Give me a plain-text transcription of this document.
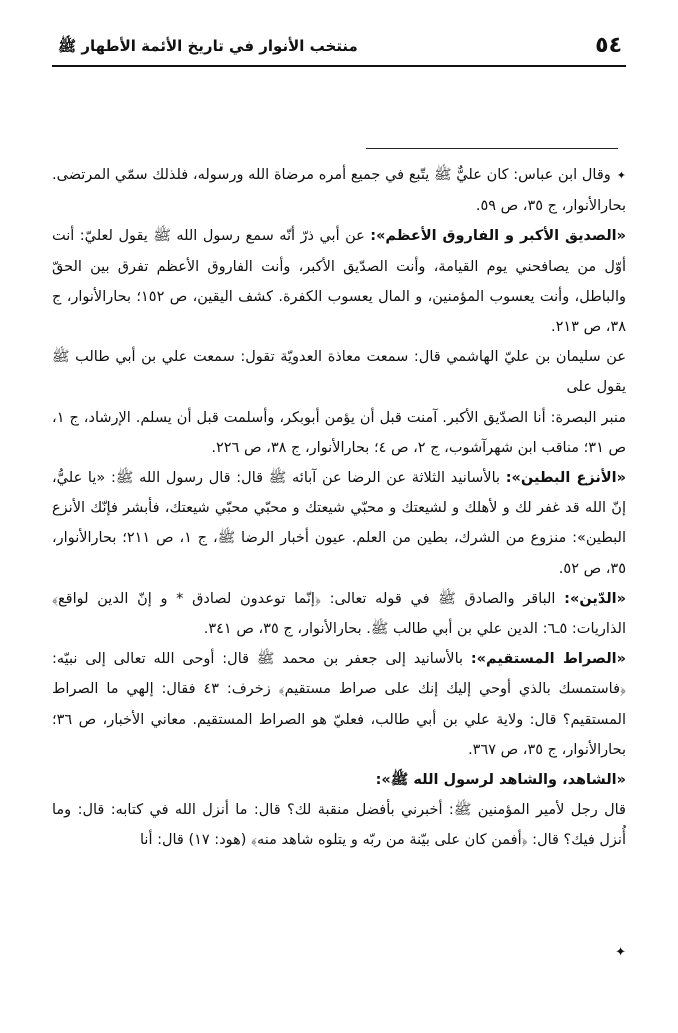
٥٤
منتخب الأنوار في تاريخ الأئمة الأطهار ﷺ

✦وقال ابن عباس: كان عليٌّ ﷺ يتّبع في جميع أمره مرضاة الله ورسوله، فلذلك سمّي المرتضى. بحارالأنوار، ج ٣٥، ص ٥٩.

«الصديق الأكبر و الفاروق الأعظم»: عن أبي ذرّ أنّه سمع رسول الله ﷺ يقول لعليّ: أنت أوّل من يصافحني يوم القيامة، وأنت الصدّيق الأكبر، وأنت الفاروق الأعظم تفرق بين الحقّ والباطل، وأنت يعسوب المؤمنين، و المال يعسوب الكفرة. كشف اليقين، ص ١٥٢؛ بحارالأنوار، ج ٣٨، ص ٢١٣.

عن سليمان بن عليّ الهاشمي قال: سمعت معاذة العدويّة تقول: سمعت علي بن أبي طالب ﷺ يقول على

منبر البصرة: أنا الصدّيق الأكبر. آمنت قبل أن يؤمن أبوبكر، وأسلمت قبل أن يسلم. الإرشاد، ج ١، ص ٣١؛ مناقب ابن شهرآشوب، ج ٢، ص ٤؛ بحارالأنوار، ج ٣٨، ص ٢٢٦.

«الأنزع البطين»: بالأسانيد الثلاثة عن الرضا عن آبائه ﷺ قال: قال رسول الله ﷺ: «يا عليُّ، إنّ الله قد غفر لك و لأهلك و لشيعتك و محبّي شيعتك و محبّي محبّي شيعتك، فأبشر فإنّك الأنزع البطين»: منزوع من الشرك، بطين من العلم. عيون أخبار الرضا ﷺ، ج ١، ص ٢١١؛ بحارالأنوار، ٣٥، ص ٥٢.

«الدّين»: الباقر والصادق ﷺ في قوله تعالى: ﴿إنّما توعدون لصادق * و إنّ الدين لواقع﴾ الذاريات: ٥ـ٦: الدين علي بن أبي طالب ﷺ. بحارالأنوار، ج ٣٥، ص ٣٤١.

«الصراط المستقيم»: بالأسانيد إلى جعفر بن محمد ﷺ قال: أوحى الله تعالى إلى نبيّه: ﴿فاستمسك بالذي أوحي إليك إنك على صراط مستقيم﴾ زخرف: ٤٣ فقال: إلهي ما الصراط المستقيم؟ قال: ولاية علي بن أبي طالب، فعليّ هو الصراط المستقيم. معاني الأخبار، ص ٣٦؛ بحارالأنوار، ج ٣٥، ص ٣٦٧.

«الشاهد، والشاهد لرسول الله ﷺ»:

قال رجل لأمير المؤمنين ﷺ: أخبرني بأفضل منقبة لك؟ قال: ما أنزل الله في كتابه: قال: وما أُنزل فيك؟ قال: ﴿أفمن كان على بيّنة من ربّه و يتلوه شاهد منه﴾ (هود: ١٧) قال: أنا

✦
